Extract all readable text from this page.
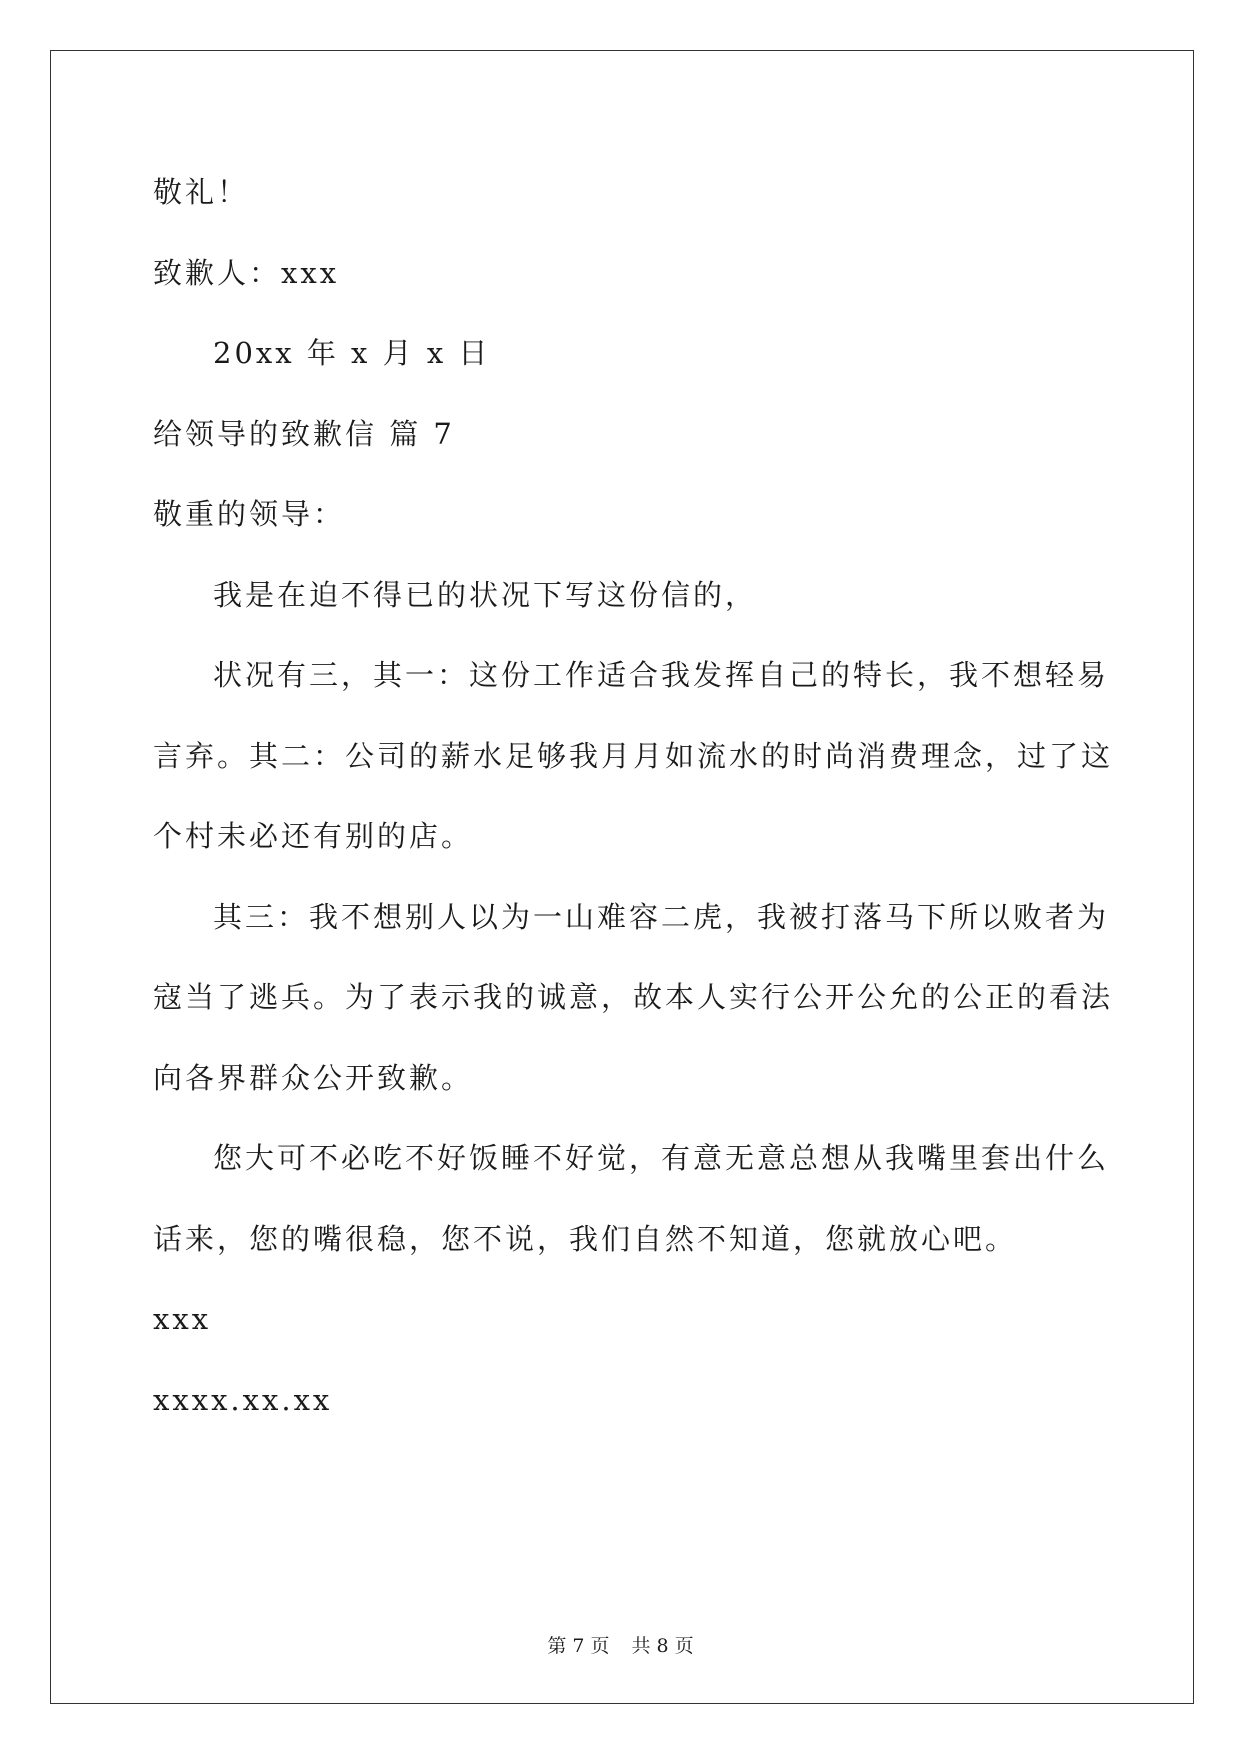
敬礼！
致歉人：xxx
20xx 年 x 月 x 日
给领导的致歉信 篇 7
敬重的领导：
我是在迫不得已的状况下写这份信的，
状况有三，其一：这份工作适合我发挥自己的特长，我不想轻易
言弃。其二：公司的薪水足够我月月如流水的时尚消费理念，过了这
个村未必还有别的店。
其三：我不想别人以为一山难容二虎，我被打落马下所以败者为
寇当了逃兵。为了表示我的诚意，故本人实行公开公允的公正的看法
向各界群众公开致歉。
您大可不必吃不好饭睡不好觉，有意无意总想从我嘴里套出什么
话来，您的嘴很稳，您不说，我们自然不知道，您就放心吧。
xxx
xxxx.xx.xx
第 7 页 共 8 页
